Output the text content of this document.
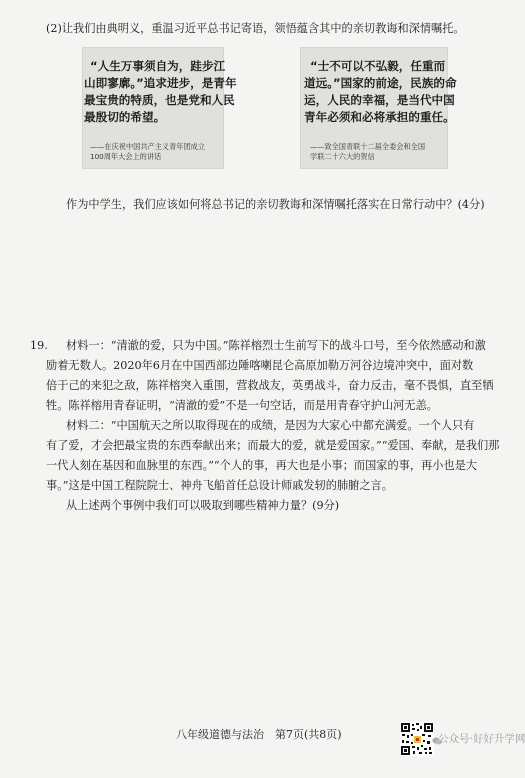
(2)让我们由典明义，重温习近平总书记寄语，领悟蕴含其中的亲切教诲和深情嘱托。
“人生万事须自为，跬步江
山即寥廓。”追求进步，是青年
最宝贵的特质，也是党和人民
最殷切的希望。
——在庆祝中国共产主义青年团成立
100周年大会上的讲话
“士不可以不弘毅，任重而
道远。”国家的前途，民族的命
运，人民的幸福，是当代中国
青年必须和必将承担的重任。
——致全国青联十二届全委会和全国
学联二十六大的贺信
作为中学生，我们应该如何将总书记的亲切教诲和深情嘱托落实在日常行动中？(4分)
19. 材料一：“清澈的爱，只为中国。”陈祥榕烈士生前写下的战斗口号，至今依然感动和激
励着无数人。2020年6月在中国西部边陲喀喇昆仑高原加勒万河谷边境冲突中，面对数
倍于己的来犯之敌，陈祥榕突入重围，营救战友，英勇战斗，奋力反击，毫不畏惧，直至牺
牲。陈祥榕用青春证明，“清澈的爱”不是一句空话，而是用青春守护山河无恙。
材料二：“中国航天之所以取得现在的成绩，是因为大家心中都充满爱。一个人只有
有了爱，才会把最宝贵的东西奉献出来；而最大的爱，就是爱国家。”“爱国、奉献，是我们那
一代人刻在基因和血脉里的东西。”“个人的事，再大也是小事；而国家的事，再小也是大
事。”这是中国工程院院士、神舟飞船首任总设计师戚发轫的肺腑之言。
从上述两个事例中我们可以吸取到哪些精神力量？(9分)
八年级道德与法治　第7页(共8页)	公众号·好好升学网
